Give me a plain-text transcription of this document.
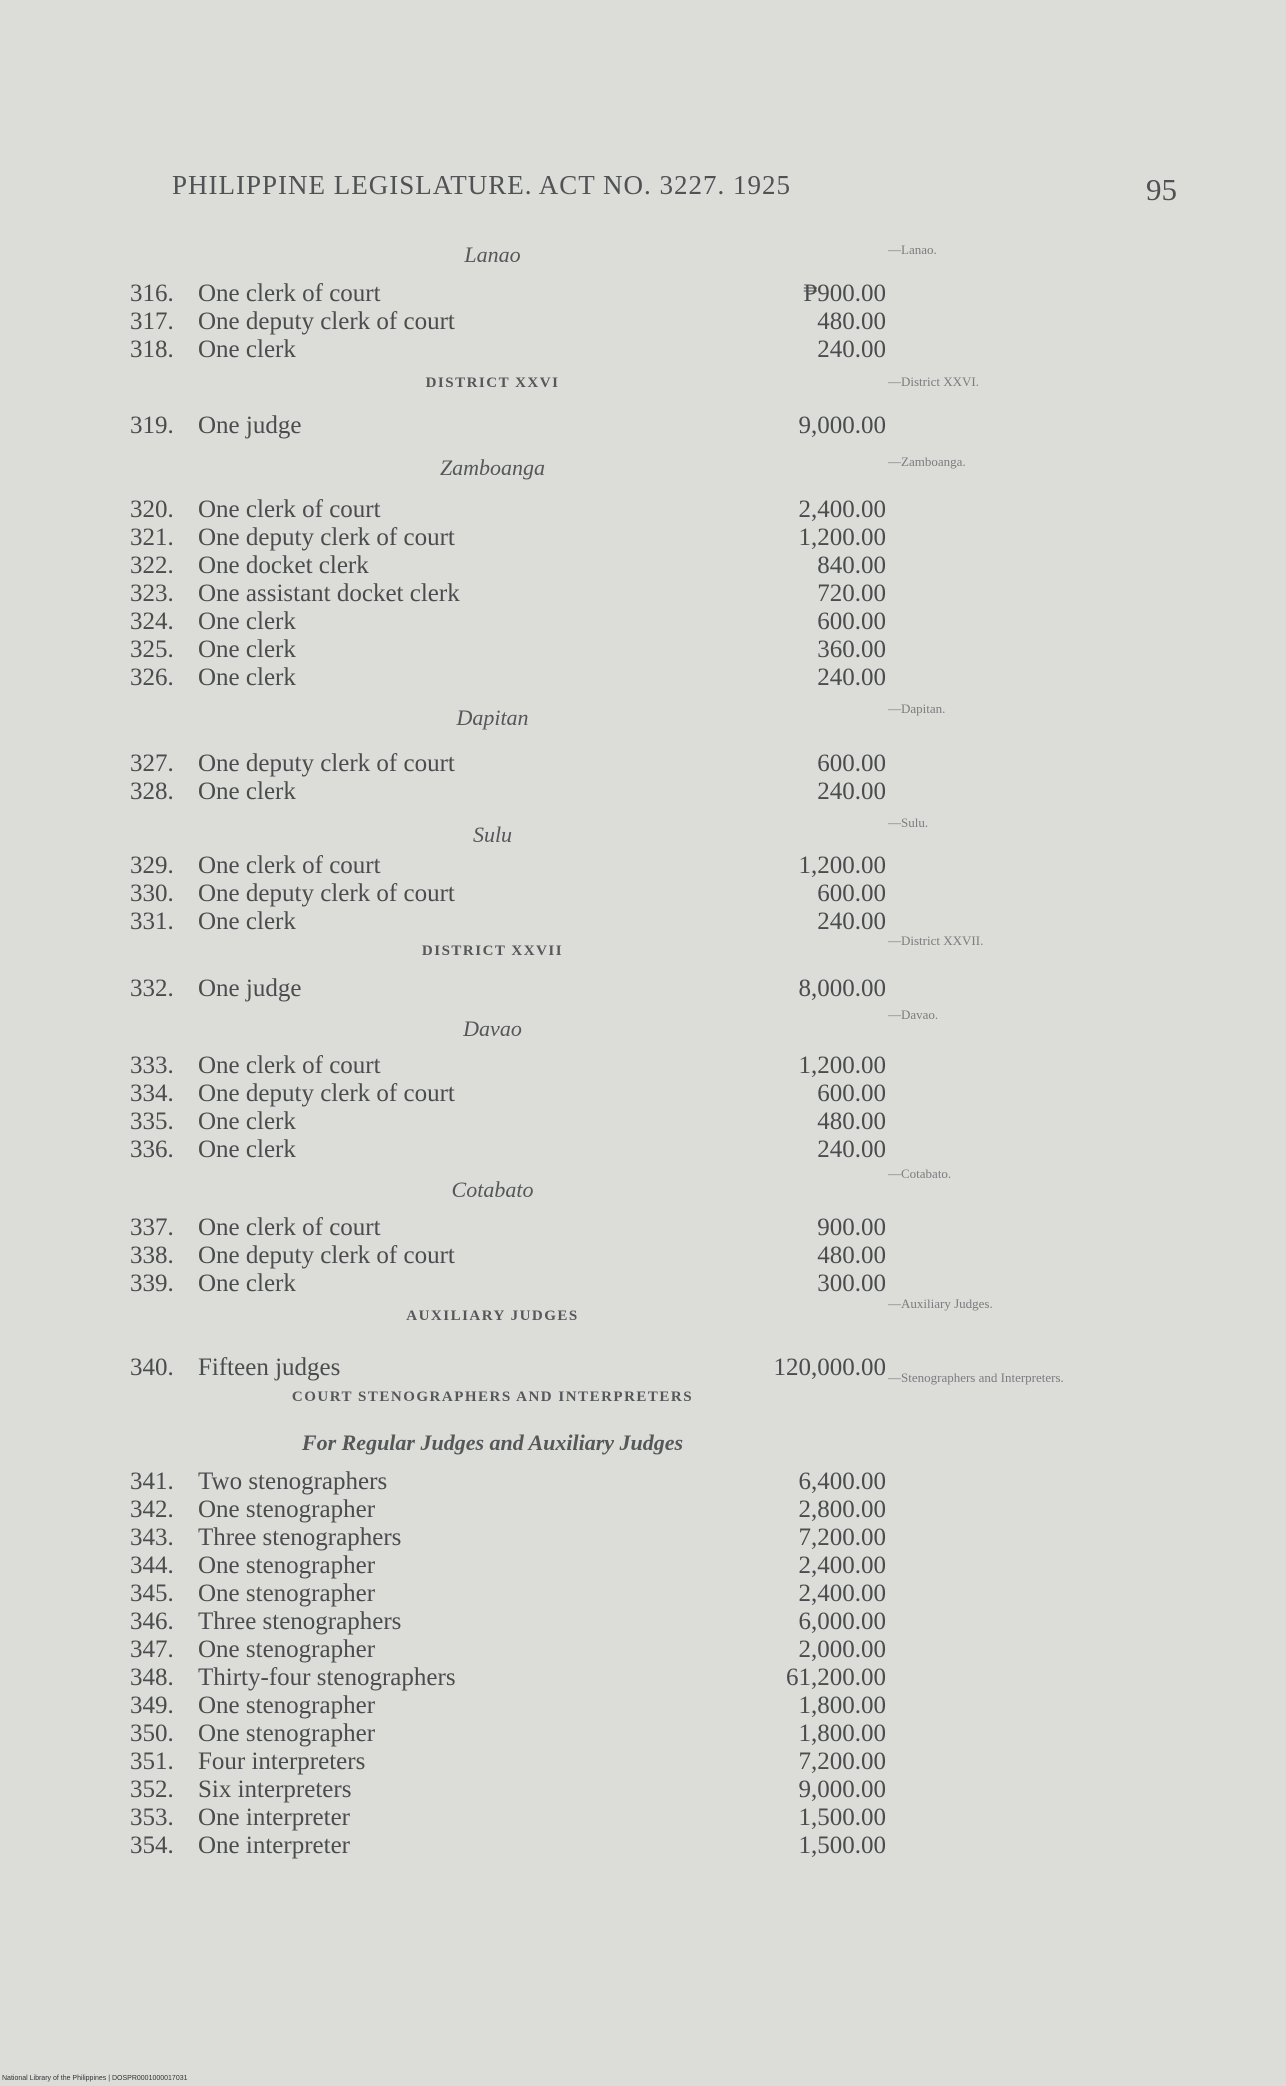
PHILIPPINE LEGISLATURE. ACT NO. 3227. 1925	95
Lanao	—Lanao.
316. One clerk of court	₱900.00
317. One deputy clerk of court	480.00
318. One clerk	240.00
DISTRICT XXVI	—District XXVI.
319. One judge	9,000.00
Zamboanga	—Zamboanga.
320. One clerk of court	2,400.00
321. One deputy clerk of court	1,200.00
322. One docket clerk	840.00
323. One assistant docket clerk	720.00
324. One clerk	600.00
325. One clerk	360.00
326. One clerk	240.00
Dapitan	—Dapitan.
327. One deputy clerk of court	600.00
328. One clerk	240.00
Sulu	—Sulu.
329. One clerk of court	1,200.00
330. One deputy clerk of court	600.00
331. One clerk	240.00
DISTRICT XXVII
—District XXVII.
332. One judge	8,000.00
Davao
—Davao.
333. One clerk of court	1,200.00
334. One deputy clerk of court	600.00
335. One clerk	480.00
336. One clerk	240.00
Cotabato
—Cotabato.
337. One clerk of court	900.00
338. One deputy clerk of court	480.00
339. One clerk	300.00
AUXILIARY JUDGES
—Auxiliary Judges.
340. Fifteen judges	120,000.00
COURT STENOGRAPHERS AND INTERPRETERS
—Stenographers and Interpreters.
For Regular Judges and Auxiliary Judges
341. Two stenographers	6,400.00
342. One stenographer	2,800.00
343. Three stenographers	7,200.00
344. One stenographer	2,400.00
345. One stenographer	2,400.00
346. Three stenographers	6,000.00
347. One stenographer	2,000.00
348. Thirty-four stenographers	61,200.00
349. One stenographer	1,800.00
350. One stenographer	1,800.00
351. Four interpreters	7,200.00
352. Six interpreters	9,000.00
353. One interpreter	1,500.00
354. One interpreter	1,500.00
National Library of the Philippines | DOSPR0001000017031
